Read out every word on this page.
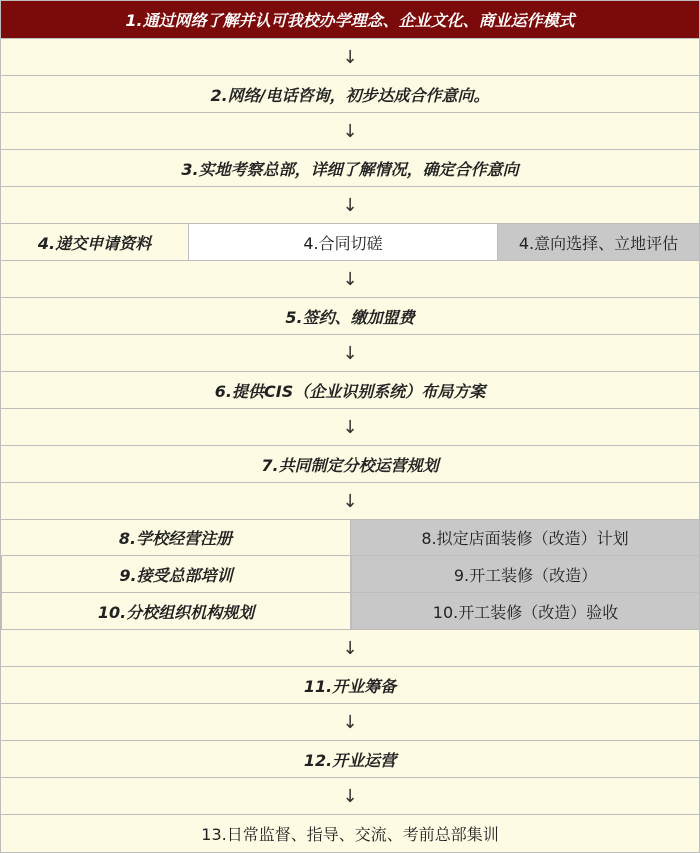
1.通过网络了解并认可我校办学理念、企业文化、商业运作模式
↓
2.网络/电话咨询，初步达成合作意向。
↓
3.实地考察总部，详细了解情况，确定合作意向
↓
4.递交申请资料	4.合同切磋	4.意向选择、立地评估
↓
5.签约、缴加盟费
↓
6.提供CIS（企业识别系统）布局方案
↓
7.共同制定分校运营规划
↓
8.学校经营注册
9.接受总部培训
10.分校组织机构规划
8.拟定店面装修（改造）计划
9.开工装修（改造）
10.开工装修（改造）验收
↓
11.开业筹备
↓
12.开业运营
↓
13.日常监督、指导、交流、考前总部集训
